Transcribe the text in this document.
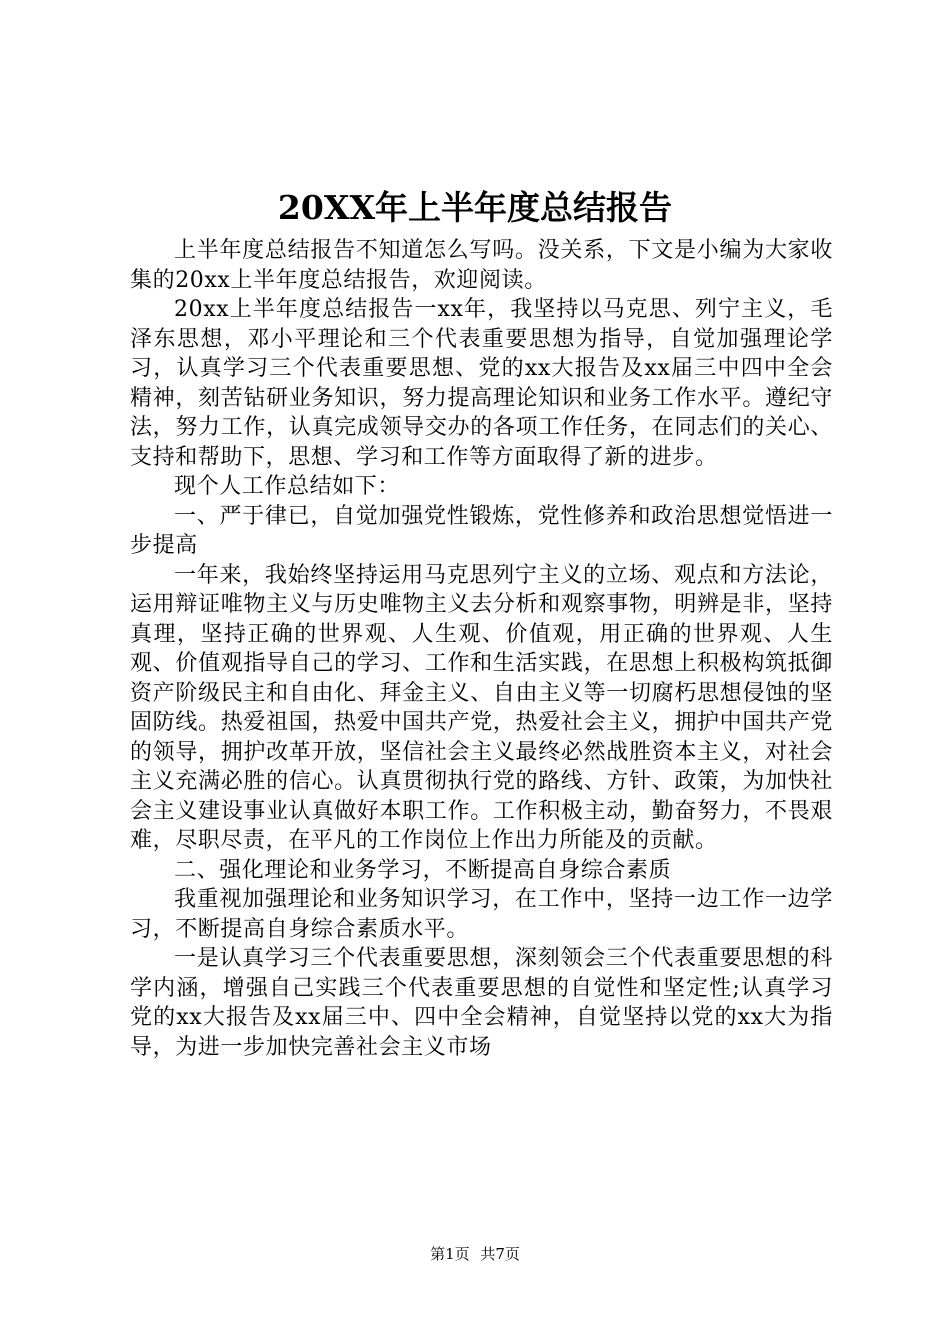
20XX年上半年度总结报告

上半年度总结报告不知道怎么写吗。没关系，下文是小编为大家收集的20xx上半年度总结报告，欢迎阅读。

20xx上半年度总结报告一xx年，我坚持以马克思、列宁主义，毛泽东思想，邓小平理论和三个代表重要思想为指导，自觉加强理论学习，认真学习三个代表重要思想、党的xx大报告及xx届三中四中全会精神，刻苦钻研业务知识，努力提高理论知识和业务工作水平。遵纪守法，努力工作，认真完成领导交办的各项工作任务，在同志们的关心、支持和帮助下，思想、学习和工作等方面取得了新的进步。

现个人工作总结如下：

一、严于律已，自觉加强党性锻炼，党性修养和政治思想觉悟进一步提高

一年来，我始终坚持运用马克思列宁主义的立场、观点和方法论，运用辩证唯物主义与历史唯物主义去分析和观察事物，明辨是非，坚持真理，坚持正确的世界观、人生观、价值观，用正确的世界观、人生观、价值观指导自己的学习、工作和生活实践，在思想上积极构筑抵御资产阶级民主和自由化、拜金主义、自由主义等一切腐朽思想侵蚀的坚固防线。热爱祖国，热爱中国共产党，热爱社会主义，拥护中国共产党的领导，拥护改革开放，坚信社会主义最终必然战胜资本主义，对社会主义充满必胜的信心。认真贯彻执行党的路线、方针、政策，为加快社会主义建设事业认真做好本职工作。工作积极主动，勤奋努力，不畏艰难，尽职尽责，在平凡的工作岗位上作出力所能及的贡献。

二、强化理论和业务学习，不断提高自身综合素质

我重视加强理论和业务知识学习，在工作中，坚持一边工作一边学习，不断提高自身综合素质水平。

一是认真学习三个代表重要思想，深刻领会三个代表重要思想的科学内涵，增强自己实践三个代表重要思想的自觉性和坚定性;认真学习党的xx大报告及xx届三中、四中全会精神，自觉坚持以党的xx大为指导，为进一步加快完善社会主义市场

第1页 共7页
